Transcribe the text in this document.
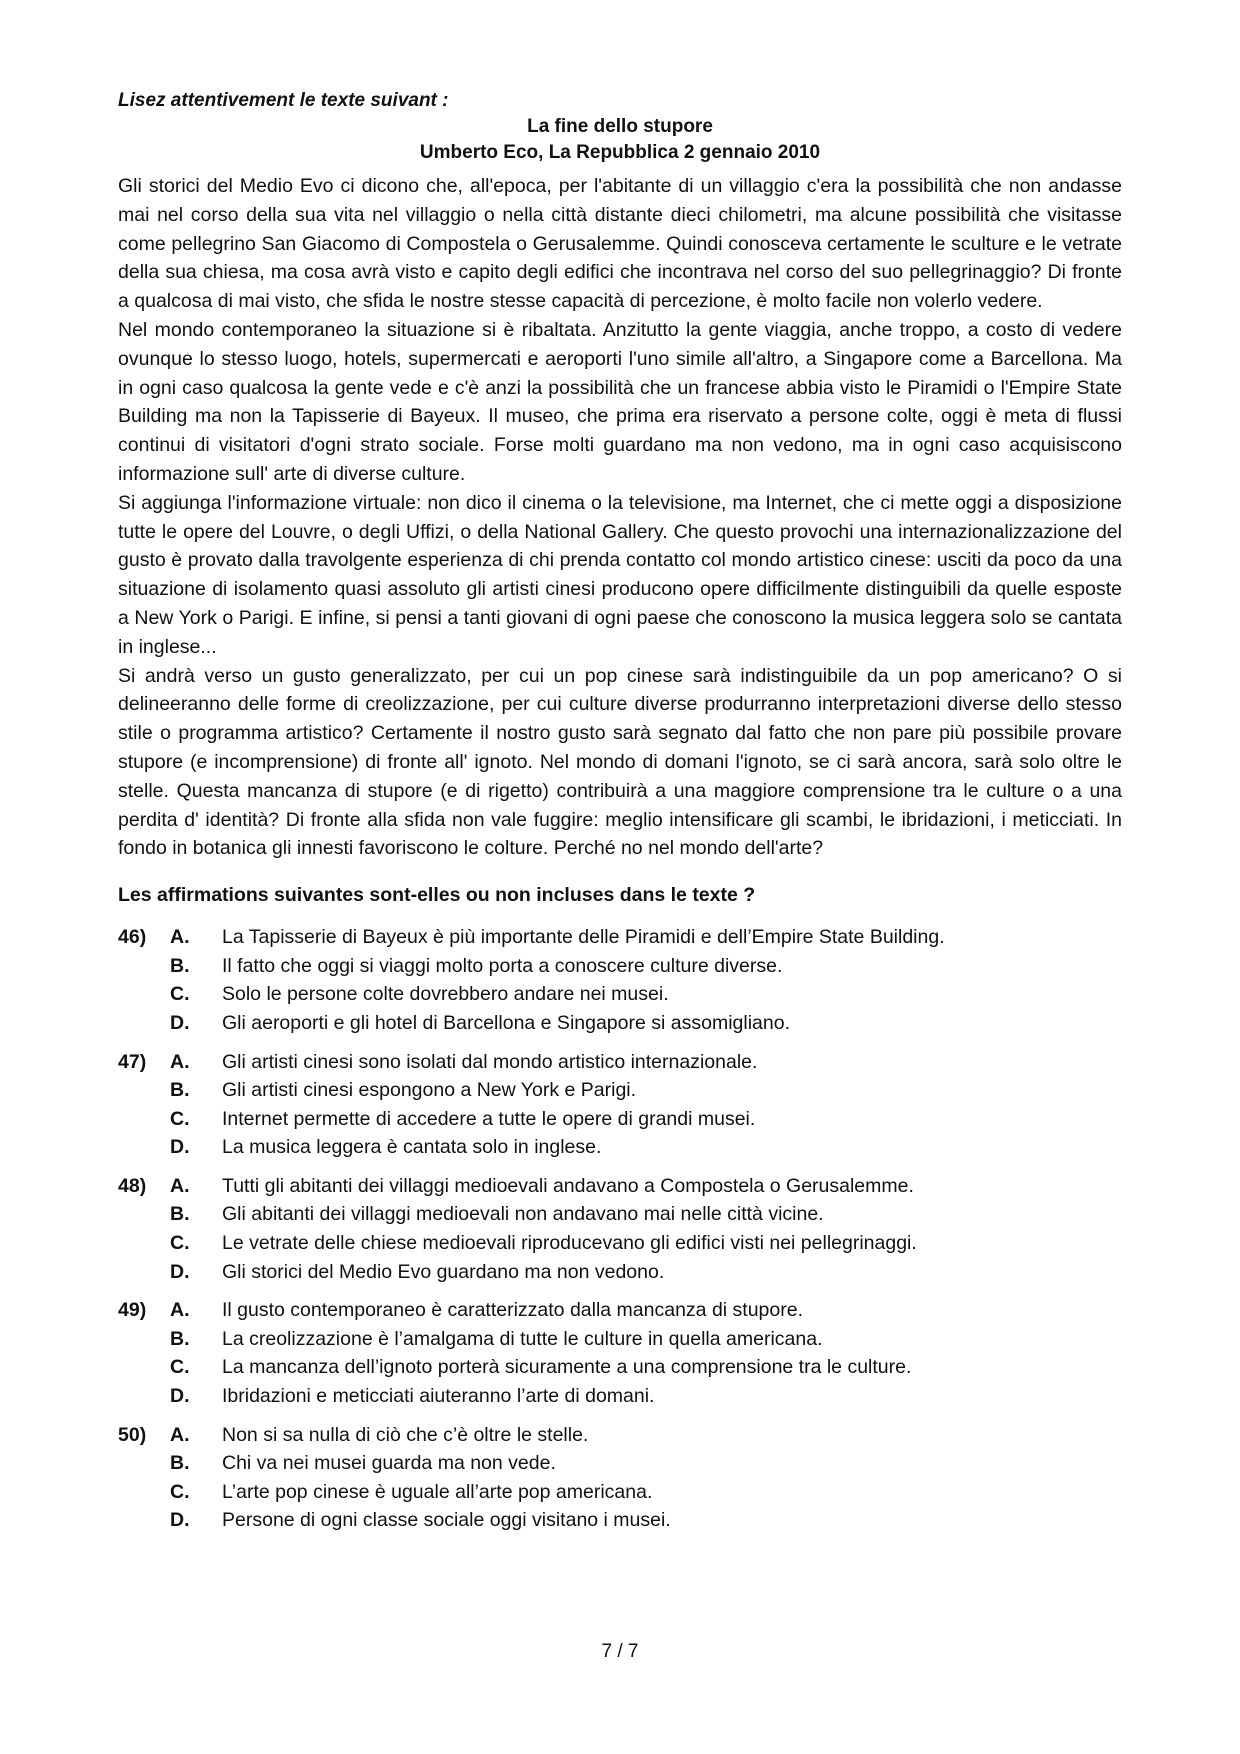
Lisez attentivement le texte suivant :

La fine dello stupore
Umberto Eco, La Repubblica 2 gennaio 2010

Gli storici del Medio Evo ci dicono che, all'epoca, per l'abitante di un villaggio c'era la possibilità che non andasse mai nel corso della sua vita nel villaggio o nella città distante dieci chilometri, ma alcune possibilità che visitasse come pellegrino San Giacomo di Compostela o Gerusalemme. Quindi conosceva certamente le sculture e le vetrate della sua chiesa, ma cosa avrà visto e capito degli edifici che incontrava nel corso del suo pellegrinaggio? Di fronte a qualcosa di mai visto, che sfida le nostre stesse capacità di percezione, è molto facile non volerlo vedere.

Nel mondo contemporaneo la situazione si è ribaltata. Anzitutto la gente viaggia, anche troppo, a costo di vedere ovunque lo stesso luogo, hotels, supermercati e aeroporti l'uno simile all'altro, a Singapore come a Barcellona. Ma in ogni caso qualcosa la gente vede e c'è anzi la possibilità che un francese abbia visto le Piramidi o l'Empire State Building ma non la Tapisserie di Bayeux. Il museo, che prima era riservato a persone colte, oggi è meta di flussi continui di visitatori d'ogni strato sociale. Forse molti guardano ma non vedono, ma in ogni caso acquisiscono informazione sull' arte di diverse culture.

Si aggiunga l'informazione virtuale: non dico il cinema o la televisione, ma Internet, che ci mette oggi a disposizione tutte le opere del Louvre, o degli Uffizi, o della National Gallery. Che questo provochi una internazionalizzazione del gusto è provato dalla travolgente esperienza di chi prenda contatto col mondo artistico cinese: usciti da poco da una situazione di isolamento quasi assoluto gli artisti cinesi producono opere difficilmente distinguibili da quelle esposte a New York o Parigi. E infine, si pensi a tanti giovani di ogni paese che conoscono la musica leggera solo se cantata in inglese...

Si andrà verso un gusto generalizzato, per cui un pop cinese sarà indistinguibile da un pop americano? O si delineeranno delle forme di creolizzazione, per cui culture diverse produrranno interpretazioni diverse dello stesso stile o programma artistico? Certamente il nostro gusto sarà segnato dal fatto che non pare più possibile provare stupore (e incomprensione) di fronte all' ignoto. Nel mondo di domani l'ignoto, se ci sarà ancora, sarà solo oltre le stelle. Questa mancanza di stupore (e di rigetto) contribuirà a una maggiore comprensione tra le culture o a una perdita d' identità? Di fronte alla sfida non vale fuggire: meglio intensificare gli scambi, le ibridazioni, i meticciati. In fondo in botanica gli innesti favoriscono le colture. Perché no nel mondo dell'arte?

Les affirmations suivantes sont-elles ou non incluses dans le texte ?
46)	A.	La Tapisserie di Bayeux è più importante delle Piramidi e dell’Empire State Building.
B.	Il fatto che oggi si viaggi molto porta a conoscere culture diverse.
C.	Solo le persone colte dovrebbero andare nei musei.
D.	Gli aeroporti e gli hotel di Barcellona e Singapore si assomigliano.
47)	A.	Gli artisti cinesi sono isolati dal mondo artistico internazionale.
B.	Gli artisti cinesi espongono a New York e Parigi.
C.	Internet permette di accedere a tutte le opere di grandi musei.
D.	La musica leggera è cantata solo in inglese.
48)	A.	Tutti gli abitanti dei villaggi medioevali andavano a Compostela o Gerusalemme.
B.	Gli abitanti dei villaggi medioevali non andavano mai nelle città vicine.
C.	Le vetrate delle chiese medioevali riproducevano gli edifici visti nei pellegrinaggi.
D.	Gli storici del Medio Evo guardano ma non vedono.
49)	A.	Il gusto contemporaneo è caratterizzato dalla mancanza di stupore.
B.	La creolizzazione è l’amalgama di tutte le culture in quella americana.
C.	La mancanza dell’ignoto porterà sicuramente a una comprensione tra le culture.
D.	Ibridazioni e meticciati aiuteranno l’arte di domani.
50)	A.	Non si sa nulla di ciò che c’è oltre le stelle.
B.	Chi va nei musei guarda ma non vede.
C.	L’arte pop cinese è uguale all’arte pop americana.
D.	Persone di ogni classe sociale oggi visitano i musei.
7 / 7
